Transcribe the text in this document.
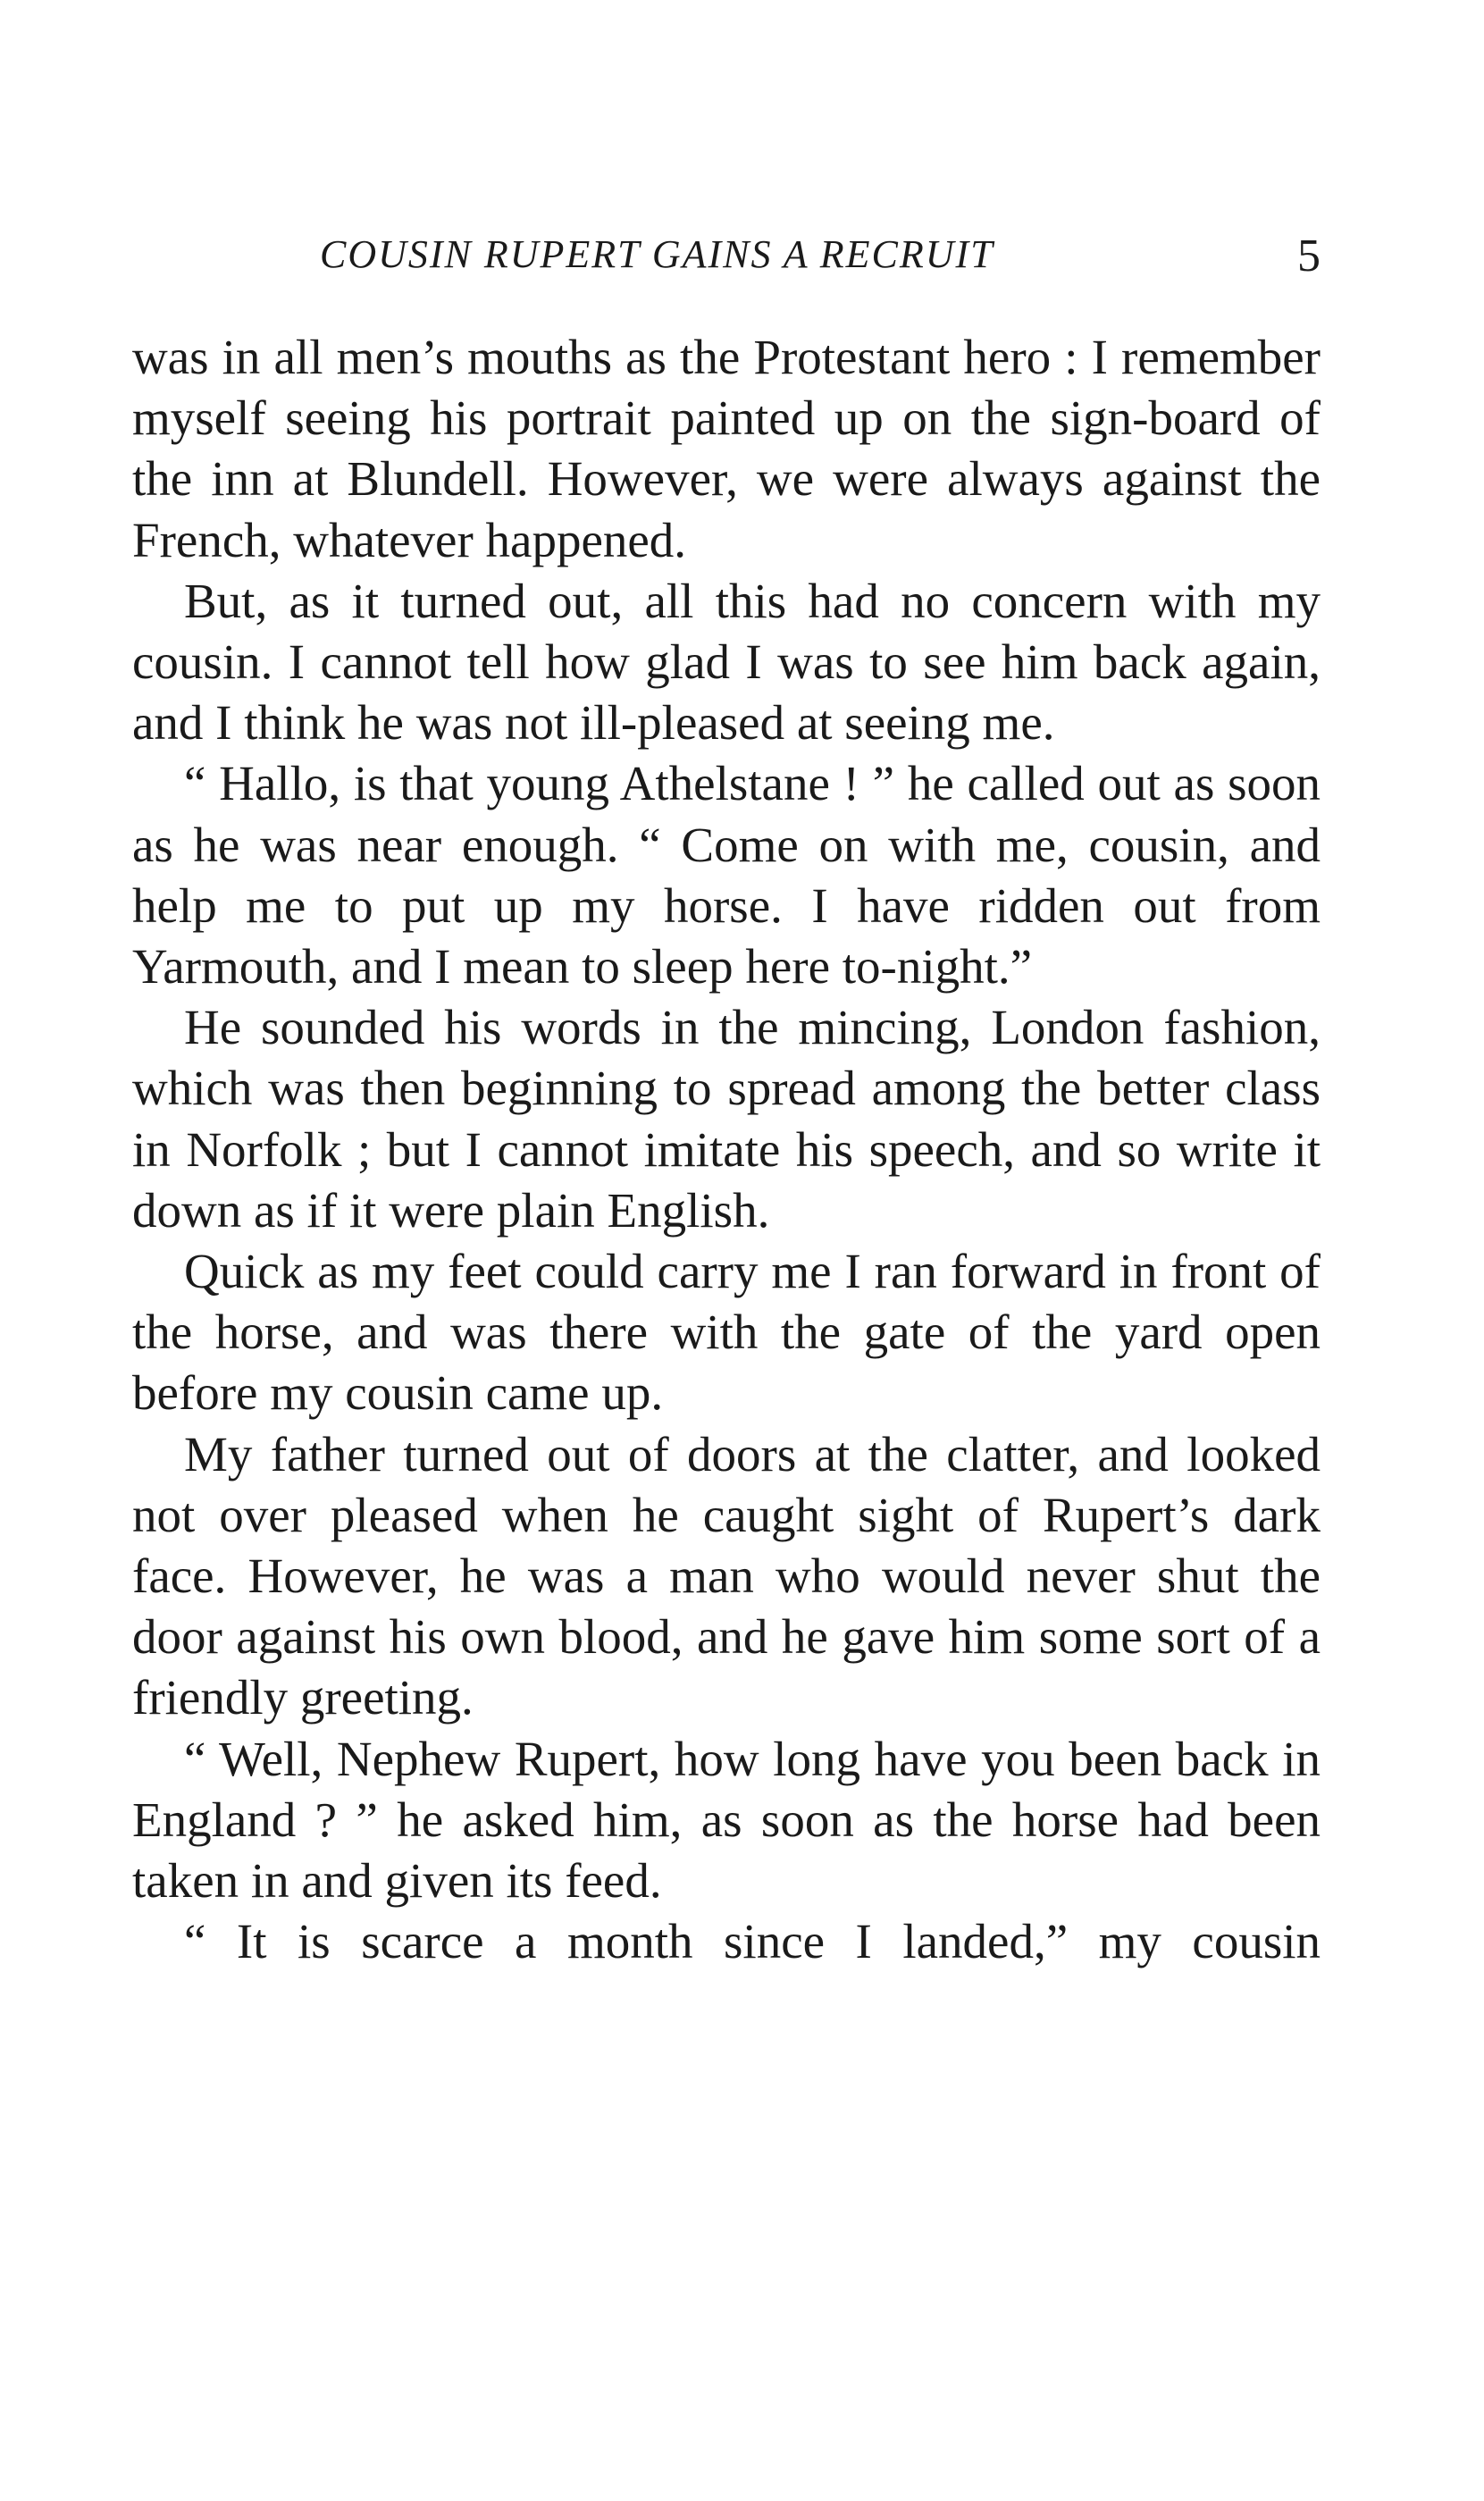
COUSIN RUPERT GAINS A RECRUIT	5

was in all men’s mouths as the Protestant hero : I remember myself seeing his portrait painted up on the sign-board of the inn at Blundell. However, we were always against the French, whatever happened.

But, as it turned out, all this had no concern with my cousin. I cannot tell how glad I was to see him back again, and I think he was not ill-pleased at seeing me.

“ Hallo, is that young Athelstane ! ” he called out as soon as he was near enough. “ Come on with me, cousin, and help me to put up my horse. I have ridden out from Yarmouth, and I mean to sleep here to-night.”

He sounded his words in the mincing, London fashion, which was then beginning to spread among the better class in Norfolk ; but I cannot imitate his speech, and so write it down as if it were plain English.

Quick as my feet could carry me I ran forward in front of the horse, and was there with the gate of the yard open before my cousin came up.

My father turned out of doors at the clatter, and looked not over pleased when he caught sight of Rupert’s dark face. However, he was a man who would never shut the door against his own blood, and he gave him some sort of a friendly greeting.

“ Well, Nephew Rupert, how long have you been back in England ? ” he asked him, as soon as the horse had been taken in and given its feed.

“ It is scarce a month since I landed,” my cousin
